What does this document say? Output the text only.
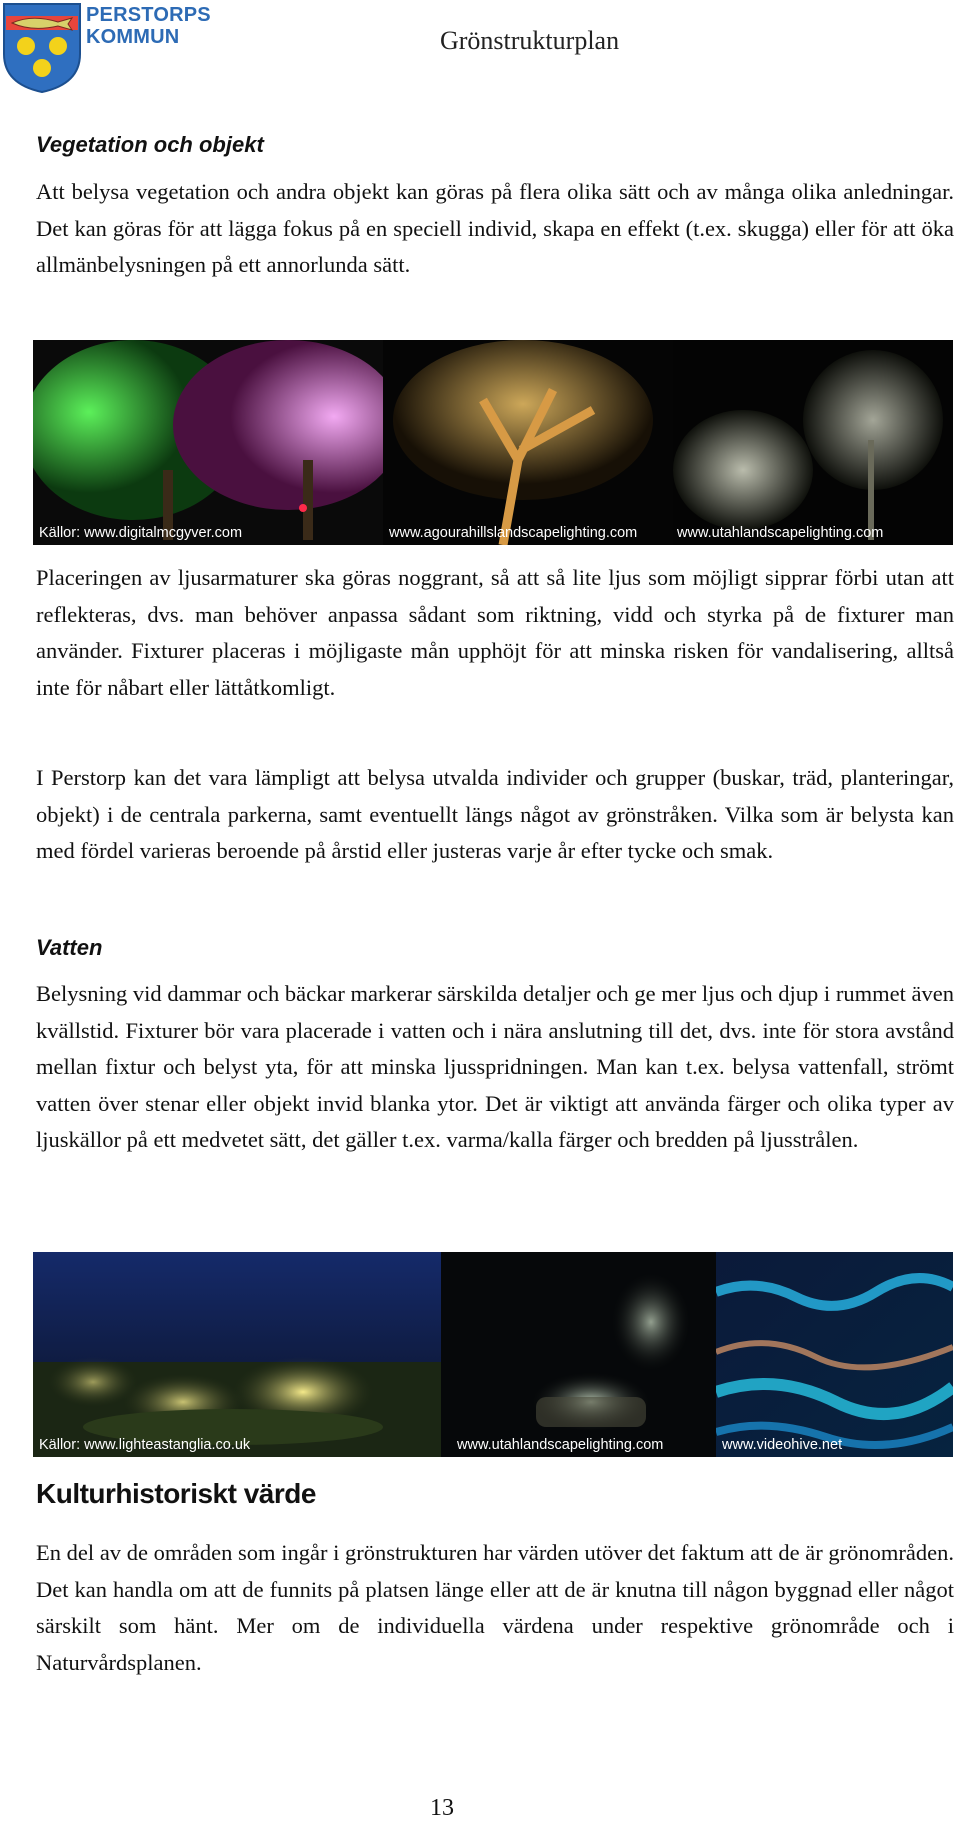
PERSTORPS
KOMMUN	Grönstrukturplan
Vegetation och objekt

Att belysa vegetation och andra objekt kan göras på flera olika sätt och av många olika anledningar. Det kan göras för att lägga fokus på en speciell individ, skapa en effekt (t.ex. skugga) eller för att öka allmänbelysningen på ett annorlunda sätt.

Källor: www.digitalmcgyver.com	www.agourahillslandscapelighting.com	www.utahlandscapelighting.com

Placeringen av ljusarmaturer ska göras noggrant, så att så lite ljus som möjligt sipprar förbi utan att reflekteras, dvs. man behöver anpassa sådant som riktning, vidd och styrka på de fixturer man använder. Fixturer placeras i möjligaste mån upphöjt för att minska risken för vandalisering, alltså inte för nåbart eller lättåtkomligt.

I Perstorp kan det vara lämpligt att belysa utvalda individer och grupper (buskar, träd, planteringar, objekt) i de centrala parkerna, samt eventuellt längs något av grönstråken. Vilka som är belysta kan med fördel varieras beroende på årstid eller justeras varje år efter tycke och smak.

Vatten

Belysning vid dammar och bäckar markerar särskilda detaljer och ge mer ljus och djup i rummet även kvällstid. Fixturer bör vara placerade i vatten och i nära anslutning till det, dvs. inte för stora avstånd mellan fixtur och belyst yta, för att minska ljusspridningen. Man kan t.ex. belysa vattenfall, strömt vatten över stenar eller objekt invid blanka ytor. Det är viktigt att använda färger och olika typer av ljuskällor på ett medvetet sätt, det gäller t.ex. varma/kalla färger och bredden på ljusstrålen.

Källor: www.lighteastanglia.co.uk	www.utahlandscapelighting.com	www.videohive.net
Kulturhistoriskt värde

En del av de områden som ingår i grönstrukturen har värden utöver det faktum att de är grönområden. Det kan handla om att de funnits på platsen länge eller att de är knutna till någon byggnad eller något särskilt som hänt. Mer om de individuella värdena under respektive grönområde och i Naturvårdsplanen.

13
